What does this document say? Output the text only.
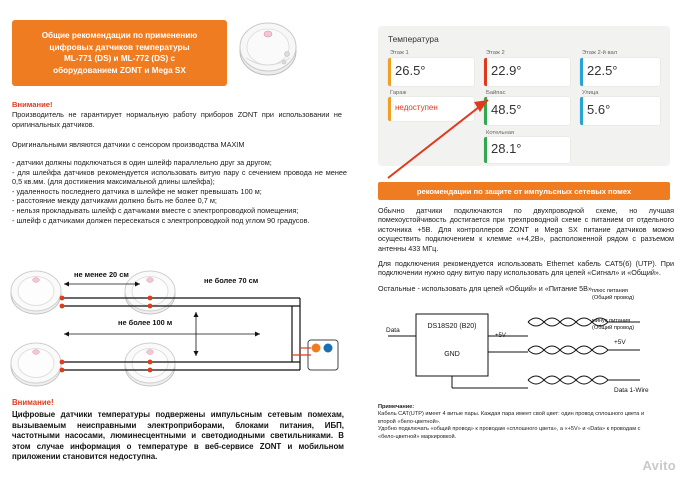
Общие рекомендации по применению
цифровых датчиков температуры
ML-771 (DS) и ML-772 (DS) с
оборудованием ZONT и Mega SX
Внимание!
Производитель не гарантирует нормальную работу приборов ZONT при использовании не оригинальных датчиков.
Оригинальными являются датчики с сенсором производства MAXIM

- датчики должны подключаться в один шлейф параллельно друг за другом;

- для шлейфа датчиков рекомендуется использовать витую пару с сечением провода не менее 0,5 кв.мм. (для достижения максимальной длины шлейфа);

- удаленность последнего датчика в шлейфе не может превышать 100 м;

- расстояние между датчиками должно быть не более 0,7 м;

- нельзя прокладывать шлейф с датчиками вместе с электропроводкой помещения;

- шлейф с датчиками должен пересекаться с электропроводкой под углом 90 градусов.

не менее 20 см
не более 70 см
не более 100 м
+ − t°C
Внимание!
Цифровые датчики температуры подвержены импульсным сетевым помехам, вызываемым неисправными электроприборами, блоками питания, ИБП, частотными насосами, люминесцентными и светодиодными светильниками. В этом случае информация о температуре в веб-сервисе ZONT и мобильном приложении становится недоступна.
Температура
Этаж 1	Этаж 2	Этаж 2-й вал
26.5°	22.9°	22.5°
Гараж	Байпас	Улица
недоступен	48.5°	5.6°
Котельная
28.1°
рекомендации по защите от импульсных сетевых помех

Обычно датчики подключаются по двухпроводной схеме, но лучшая помехоустойчивость достигается при трехпроводной схеме с питанием от отдельного источника +5В. Для контроллеров ZONT и Mega SX питание датчиков можно осуществить подключением к клемме «+4,2В», расположенной рядом с разъемом антенны 433 МГц.

Для подключения рекомендуется использовать Ethernet кабель CAT5(6) (UTP). При подключении нужно одну витую пару использовать для цепей «Сигнал» и «Общий».

Остальные - использовать для цепей «Общий» и «Питание 5В»

DS18S20 (B20)
GND
+5V
Data
+5V
Data 1-Wire
плюс питания
(Общий провод)
минус питания
(Общий провод)
Примечание:
Кабель CAT(UTP) имеет 4 витые пары. Каждая пара имеет свой цвет: один провод сплошного цвета и
второй «бело-цветной».
Удобно подключать «общий провод» к проводам «сплошного цвета», а «+5V» и «Data» к проводам с
«бело-цветной» маркировкой.
Avito
